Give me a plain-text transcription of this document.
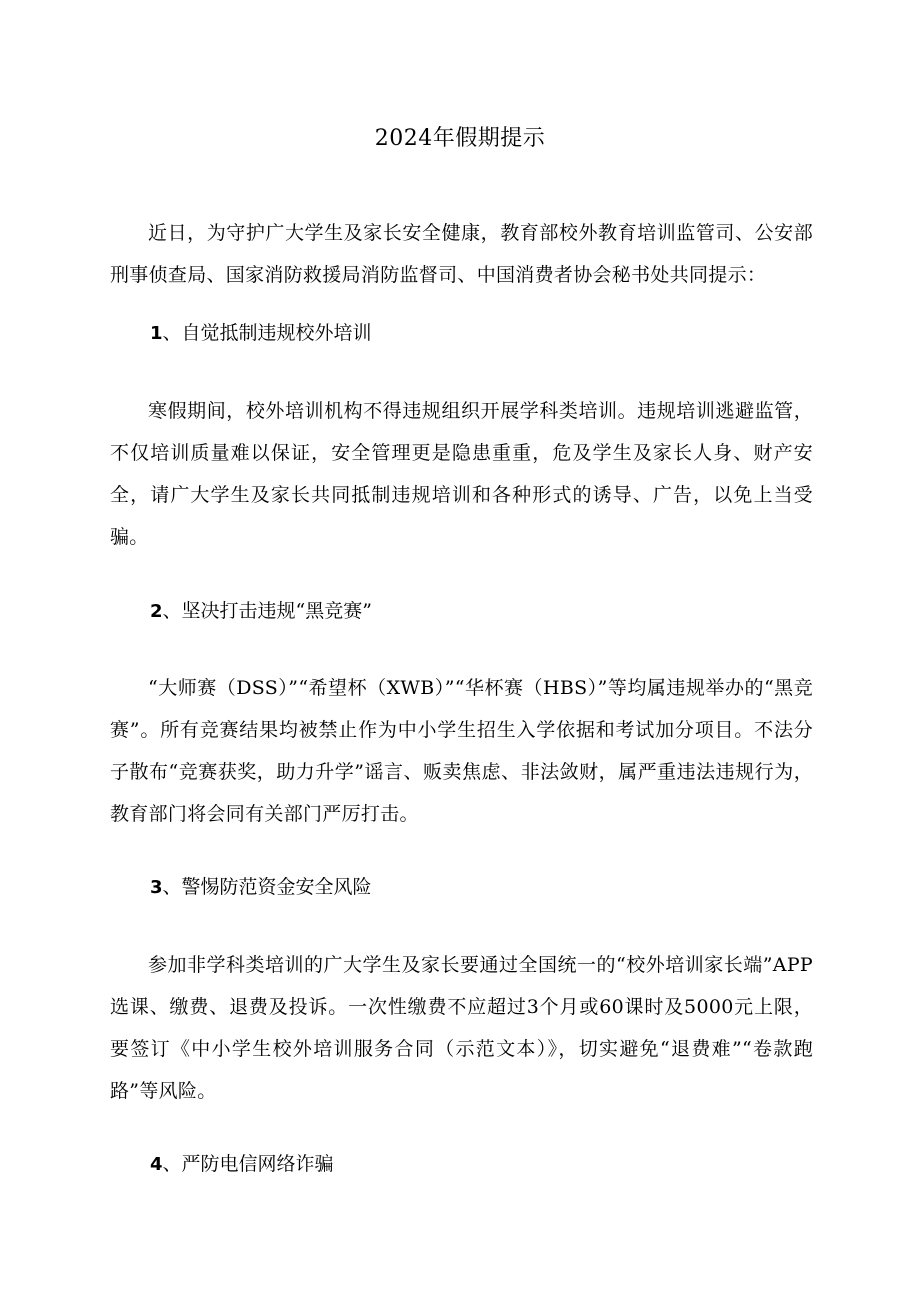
2024年假期提示

近日，为守护广大学生及家长安全健康，教育部校外教育培训监管司、公安部刑事侦查局、国家消防救援局消防监督司、中国消费者协会秘书处共同提示：

1、自觉抵制违规校外培训

寒假期间，校外培训机构不得违规组织开展学科类培训。违规培训逃避监管，不仅培训质量难以保证，安全管理更是隐患重重，危及学生及家长人身、财产安全，请广大学生及家长共同抵制违规培训和各种形式的诱导、广告，以免上当受骗。

2、坚决打击违规“黑竞赛”

“大师赛（DSS）”“希望杯（XWB）”“华杯赛（HBS）”等均属违规举办的“黑竞赛”。所有竞赛结果均被禁止作为中小学生招生入学依据和考试加分项目。不法分子散布“竞赛获奖，助力升学”谣言、贩卖焦虑、非法敛财，属严重违法违规行为，教育部门将会同有关部门严厉打击。

3、警惕防范资金安全风险

参加非学科类培训的广大学生及家长要通过全国统一的“校外培训家长端”APP选课、缴费、退费及投诉。一次性缴费不应超过3个月或60课时及5000元上限，要签订《中小学生校外培训服务合同（示范文本）》，切实避免“退费难”“卷款跑路”等风险。

4、严防电信网络诈骗
